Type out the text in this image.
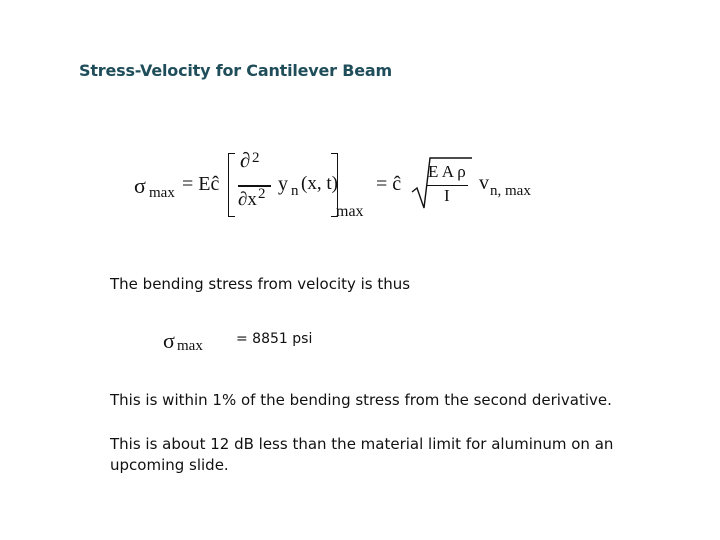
Stress-Velocity for Cantilever Beam
σ max = Eĉ
∂ 2
∂x 2 y n (x, t)
max
= ĉ
E A ρ
I
v n, max
The bending stress from velocity is thus
σ max = 8851 psi
This is within 1% of the bending stress from the second derivative.
This is about 12 dB less than the material limit for aluminum on an
upcoming slide.
